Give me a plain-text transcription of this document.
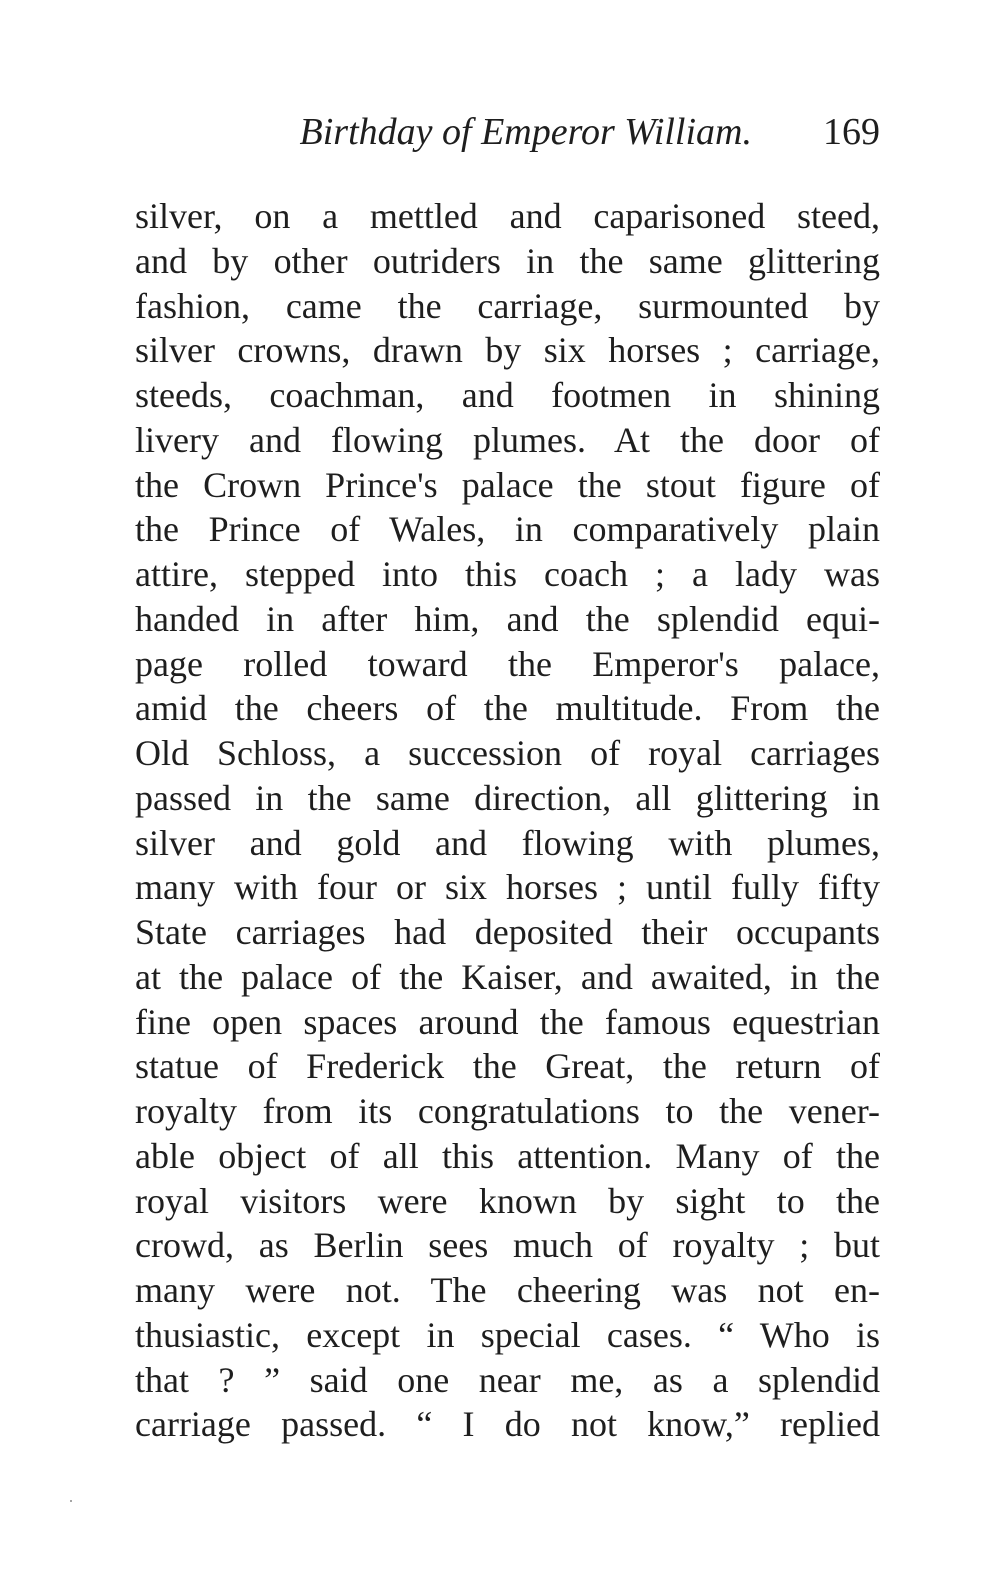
Birthday of Emperor William. 169
silver, on a mettled and caparisoned steed,
and by other outriders in the same glittering
fashion, came the carriage, surmounted by
silver crowns, drawn by six horses ; carriage,
steeds, coachman, and footmen in shining
livery and flowing plumes. At the door of
the Crown Prince's palace the stout figure of
the Prince of Wales, in comparatively plain
attire, stepped into this coach ; a lady was
handed in after him, and the splendid equi-
page rolled toward the Emperor's palace,
amid the cheers of the multitude. From the
Old Schloss, a succession of royal carriages
passed in the same direction, all glittering in
silver and gold and flowing with plumes,
many with four or six horses ; until fully fifty
State carriages had deposited their occupants
at the palace of the Kaiser, and awaited, in the
fine open spaces around the famous equestrian
statue of Frederick the Great, the return of
royalty from its congratulations to the vener-
able object of all this attention. Many of the
royal visitors were known by sight to the
crowd, as Berlin sees much of royalty ; but
many were not. The cheering was not en-
thusiastic, except in special cases. “ Who is
that ? ” said one near me, as a splendid
carriage passed. “ I do not know,” replied
